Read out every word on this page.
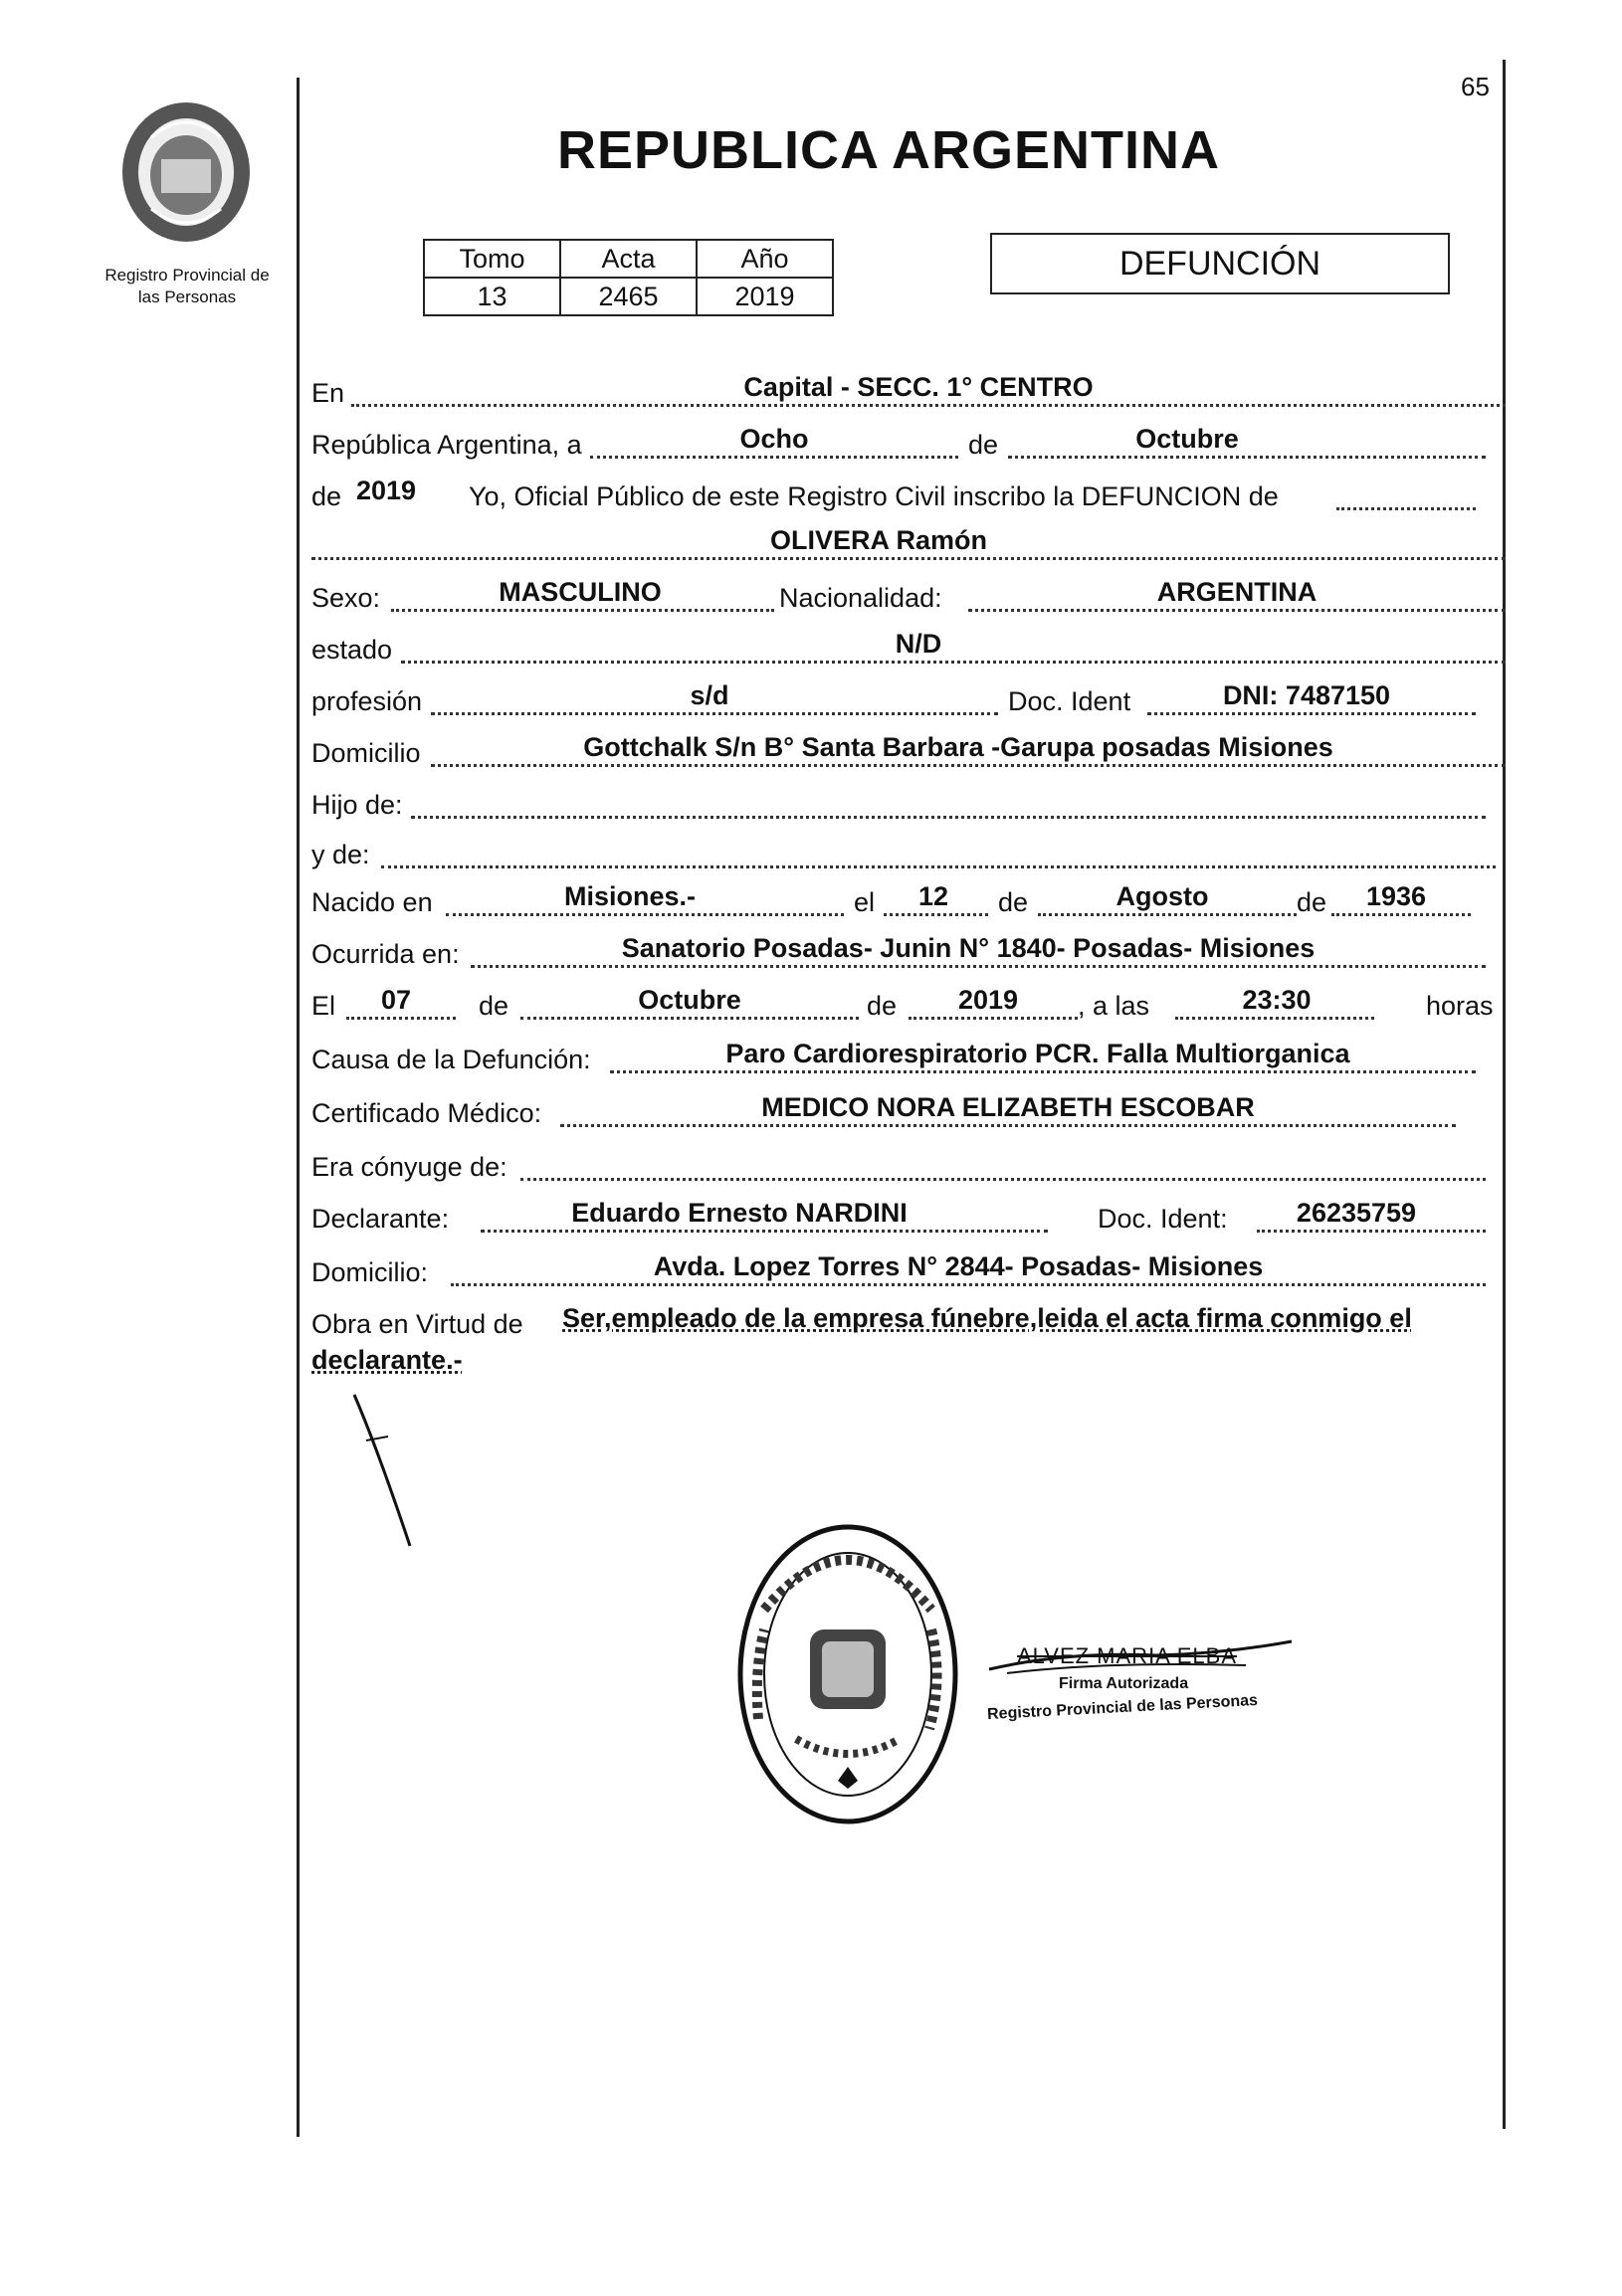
65
Registro Provincial de
las Personas
REPUBLICA ARGENTINA
Tomo	Acta	Año
13	2465	2019
DEFUNCIÓN
En	Capital - SECC. 1° CENTRO
República Argentina, a	Ocho	de	Octubre
de 2019	Yo, Oficial Público de este Registro Civil inscribo la DEFUNCION de
OLIVERA Ramón
Sexo:	MASCULINO	Nacionalidad:	ARGENTINA
estado	N/D
profesión	s/d	Doc. Ident	DNI: 7487150
Domicilio	Gottchalk S/n B° Santa Barbara -Garupa posadas Misiones
Hijo de:
y de:
Nacido en	Misiones.-	el	12	de	Agosto	de	1936
Ocurrida en:	Sanatorio Posadas- Junin N° 1840- Posadas- Misiones
El	07	de	Octubre	de	2019	, a las	23:30	horas
Causa de la Defunción:	Paro Cardiorespiratorio PCR. Falla Multiorganica
Certificado Médico:	MEDICO NORA ELIZABETH ESCOBAR
Era cónyuge de:
Declarante:	Eduardo Ernesto NARDINI	Doc. Ident:	26235759
Domicilio:	Avda. Lopez Torres N° 2844- Posadas- Misiones
Obra en Virtud de Ser,empleado de la empresa fúnebre,leida el acta firma conmigo el
declarante.-
ALVEZ MARIA ELBA
Firma Autorizada
Registro Provincial de las Personas
